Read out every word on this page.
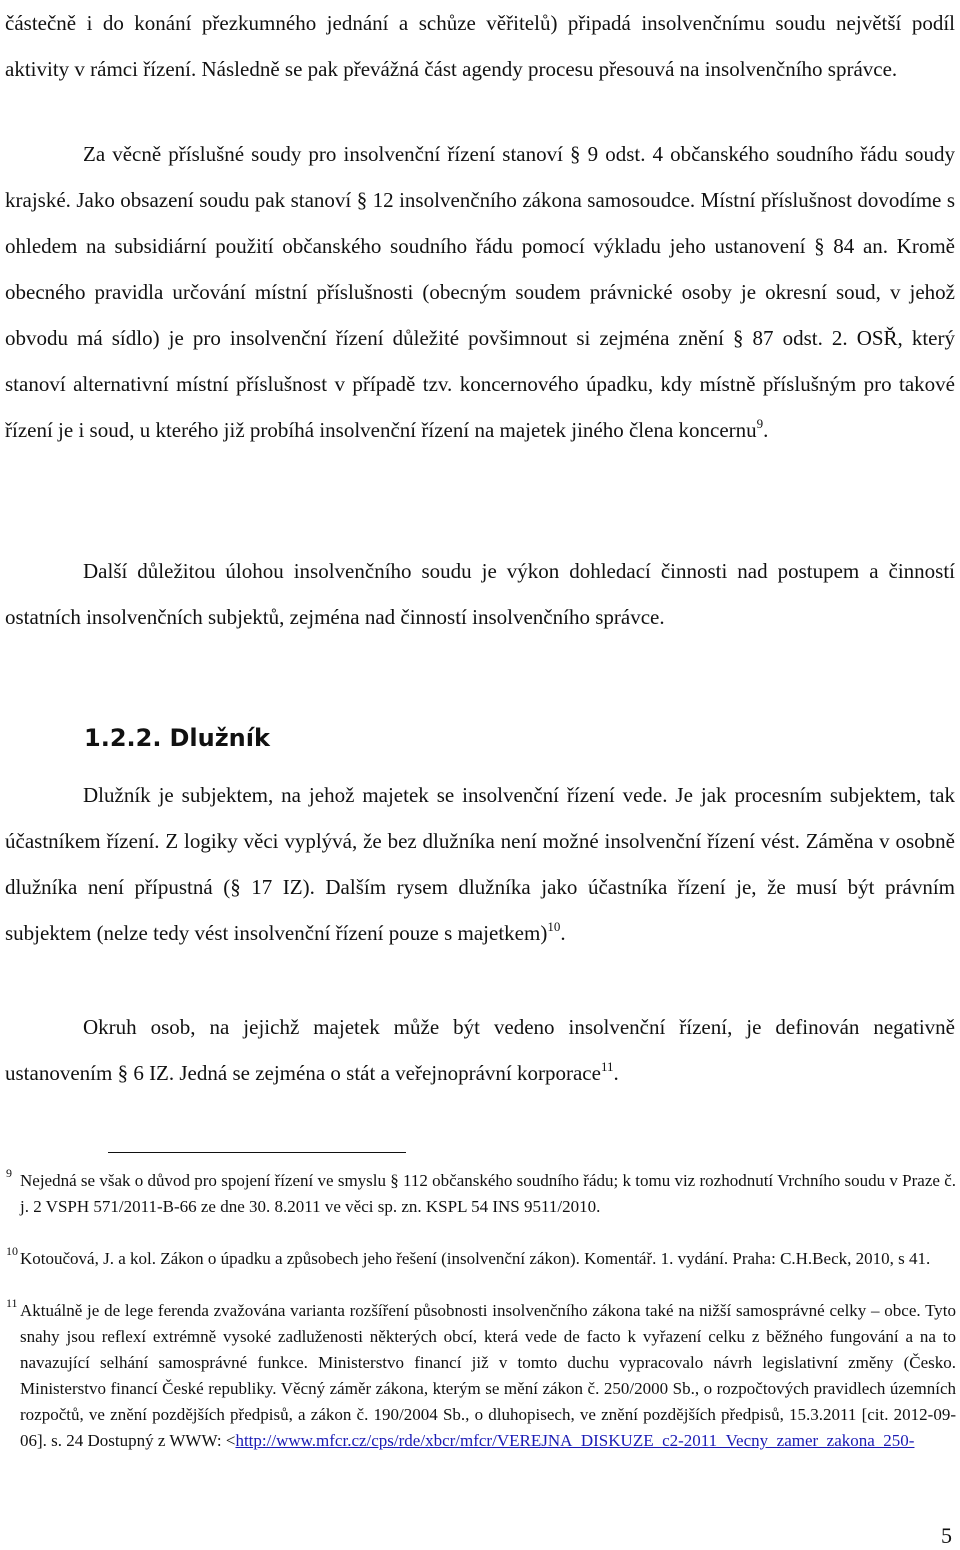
částečně i do konání přezkumného jednání a schůze věřitelů) připadá insolvenčnímu soudu největší podíl aktivity v rámci řízení. Následně se pak převážná část agendy procesu přesouvá na insolvenčního správce.

Za věcně příslušné soudy pro insolvenční řízení stanoví § 9 odst. 4 občanského soudního řádu soudy krajské. Jako obsazení soudu pak stanoví § 12 insolvenčního zákona samosoudce. Místní příslušnost dovodíme s ohledem na subsidiární použití občanského soudního řádu pomocí výkladu jeho ustanovení § 84 an. Kromě obecného pravidla určování místní příslušnosti (obecným soudem právnické osoby je okresní soud, v jehož obvodu má sídlo) je pro insolvenční řízení důležité povšimnout si zejména znění § 87 odst. 2. OSŘ, který stanoví alternativní místní příslušnost v případě tzv. koncernového úpadku, kdy místně příslušným pro takové řízení je i soud, u kterého již probíhá insolvenční řízení na majetek jiného člena koncernu$^9$.

Další důležitou úlohou insolvenčního soudu je výkon dohledací činnosti nad postupem a činností ostatních insolvenčních subjektů, zejména nad činností insolvenčního správce.

1.2.2. Dlužník

Dlužník je subjektem, na jehož majetek se insolvenční řízení vede. Je jak procesním subjektem, tak účastníkem řízení. Z logiky věci vyplývá, že bez dlužníka není možné insolvenční řízení vést. Záměna v osobně dlužníka není přípustná (§ 17 IZ). Dalším rysem dlužníka jako účastníka řízení je, že musí být právním subjektem (nelze tedy vést insolvenční řízení pouze s majetkem)$^{10}$.

Okruh osob, na jejichž majetek může být vedeno insolvenční řízení, je definován negativně ustanovením § 6 IZ. Jedná se zejména o stát a veřejnoprávní korporace$^{11}$.

9 Nejedná se však o důvod pro spojení řízení ve smyslu § 112 občanského soudního řádu; k tomu viz rozhodnutí Vrchního soudu v Praze č. j. 2 VSPH 571/2011-B-66 ze dne 30. 8.2011 ve věci sp. zn. KSPL 54 INS 9511/2010.

10 Kotoučová, J. a kol. Zákon o úpadku a způsobech jeho řešení (insolvenční zákon). Komentář. 1. vydání. Praha: C.H.Beck, 2010, s 41.

11 Aktuálně je de lege ferenda zvažována varianta rozšíření působnosti insolvenčního zákona také na nižší samosprávné celky – obce. Tyto snahy jsou reflexí extrémně vysoké zadluženosti některých obcí, která vede de facto k vyřazení celku z běžného fungování a na to navazující selhání samosprávné funkce. Ministerstvo financí již v tomto duchu vypracovalo návrh legislativní změny (Česko. Ministerstvo financí České republiky. Věcný záměr zákona, kterým se mění zákon č. 250/2000 Sb., o rozpočtových pravidlech územních rozpočtů, ve znění pozdějších předpisů, a zákon č. 190/2004 Sb., o dluhopisech, ve znění pozdějších předpisů, 15.3.2011 [cit. 2012-09-06]. s. 24 Dostupný z WWW: <http://www.mfcr.cz/cps/rde/xbcr/mfcr/VEREJNA_DISKUZE_c2-2011_Vecny_zamer_zakona_250-

5
